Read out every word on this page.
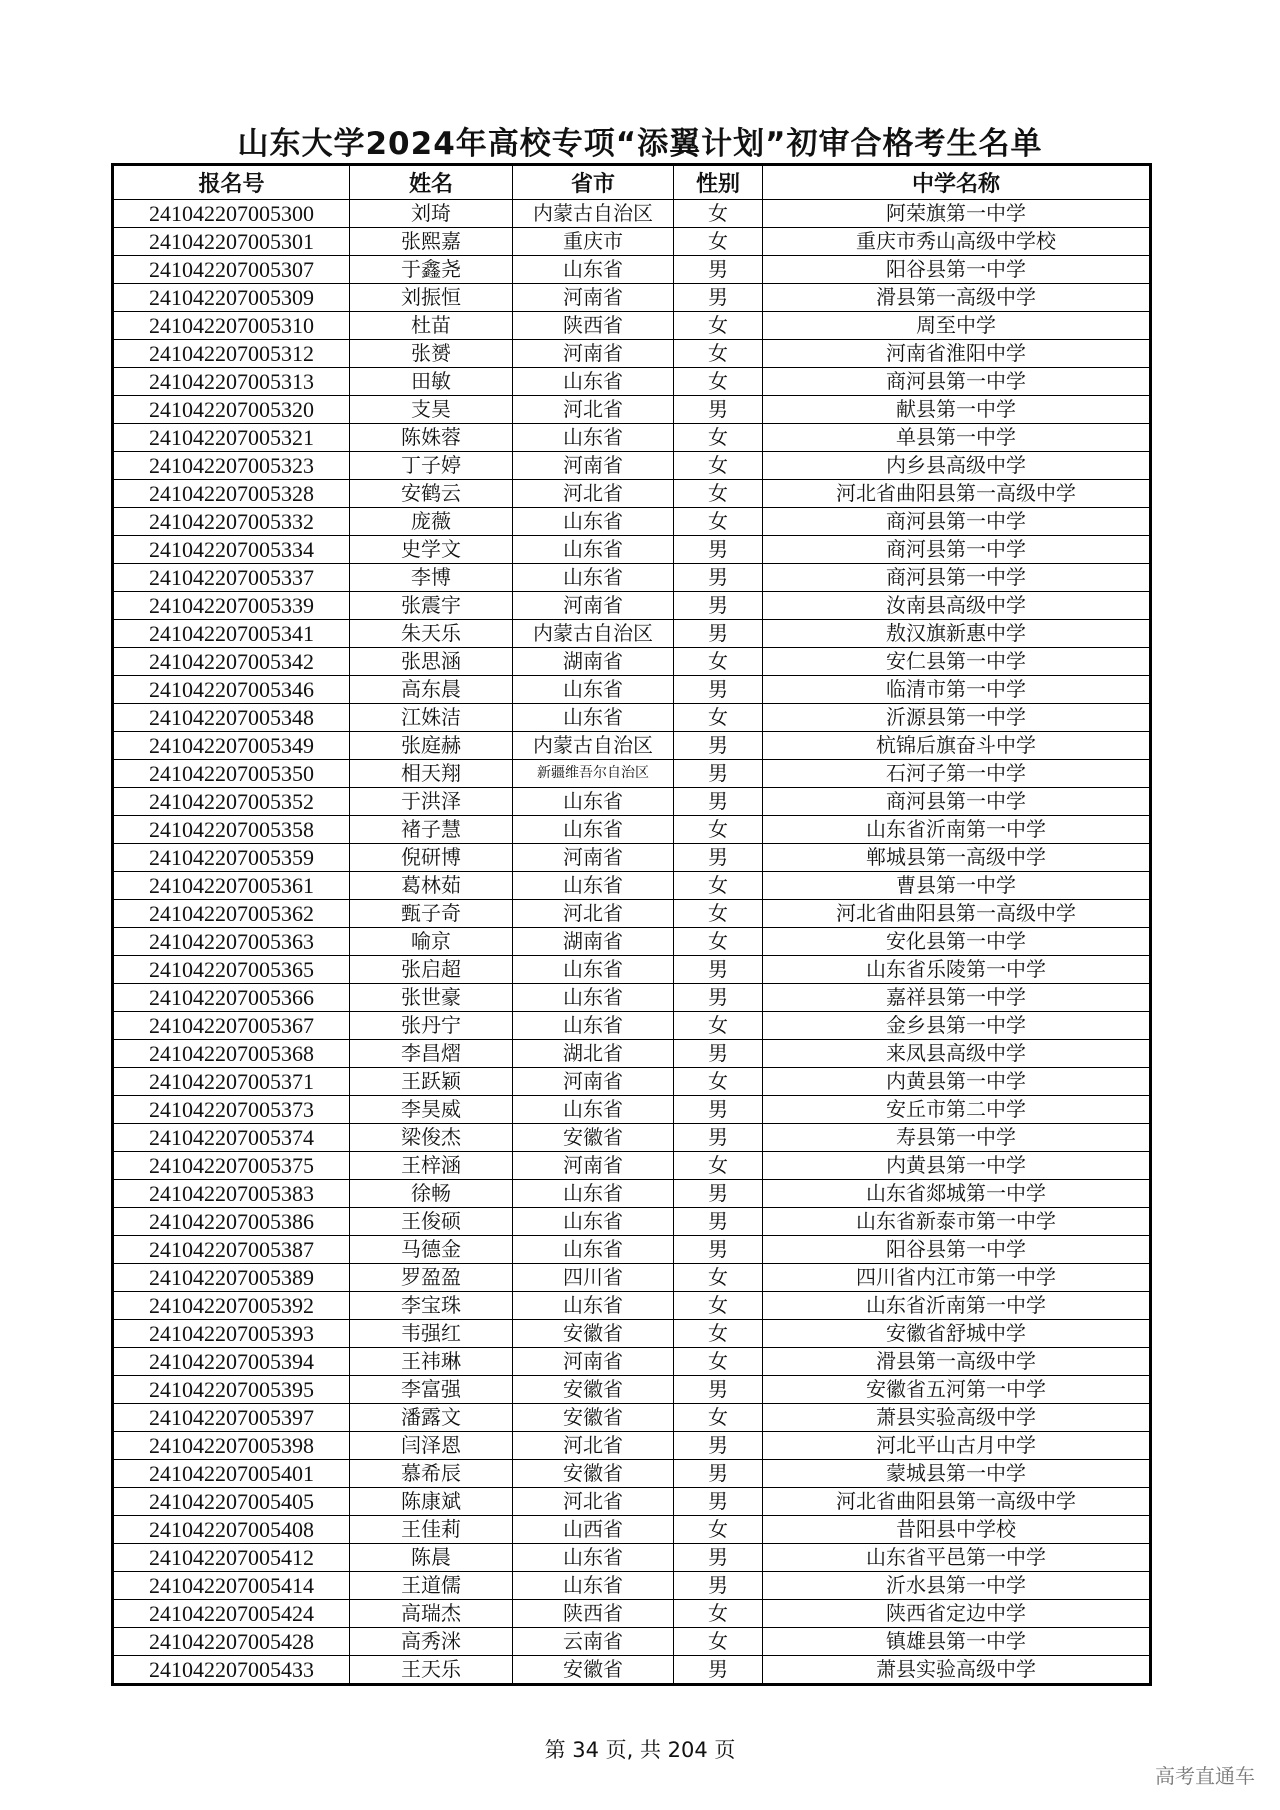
山东大学2024年高校专项“添翼计划”初审合格考生名单
报名号	姓名	省市	性别	中学名称
241042207005300	刘琦	内蒙古自治区	女	阿荣旗第一中学
241042207005301	张熙嘉	重庆市	女	重庆市秀山高级中学校
241042207005307	于鑫尧	山东省	男	阳谷县第一中学
241042207005309	刘振恒	河南省	男	滑县第一高级中学
241042207005310	杜苗	陕西省	女	周至中学
241042207005312	张赟	河南省	女	河南省淮阳中学
241042207005313	田敏	山东省	女	商河县第一中学
241042207005320	支昊	河北省	男	献县第一中学
241042207005321	陈姝蓉	山东省	女	单县第一中学
241042207005323	丁子婷	河南省	女	内乡县高级中学
241042207005328	安鹤云	河北省	女	河北省曲阳县第一高级中学
241042207005332	庞薇	山东省	女	商河县第一中学
241042207005334	史学文	山东省	男	商河县第一中学
241042207005337	李博	山东省	男	商河县第一中学
241042207005339	张震宇	河南省	男	汝南县高级中学
241042207005341	朱天乐	内蒙古自治区	男	敖汉旗新惠中学
241042207005342	张思涵	湖南省	女	安仁县第一中学
241042207005346	高东晨	山东省	男	临清市第一中学
241042207005348	江姝洁	山东省	女	沂源县第一中学
241042207005349	张庭赫	内蒙古自治区	男	杭锦后旗奋斗中学
241042207005350	相天翔	新疆维吾尔自治区	男	石河子第一中学
241042207005352	于洪泽	山东省	男	商河县第一中学
241042207005358	褚子慧	山东省	女	山东省沂南第一中学
241042207005359	倪研博	河南省	男	郸城县第一高级中学
241042207005361	葛林茹	山东省	女	曹县第一中学
241042207005362	甄子奇	河北省	女	河北省曲阳县第一高级中学
241042207005363	喻京	湖南省	女	安化县第一中学
241042207005365	张启超	山东省	男	山东省乐陵第一中学
241042207005366	张世豪	山东省	男	嘉祥县第一中学
241042207005367	张丹宁	山东省	女	金乡县第一中学
241042207005368	李昌熠	湖北省	男	来凤县高级中学
241042207005371	王跃颖	河南省	女	内黄县第一中学
241042207005373	李昊威	山东省	男	安丘市第二中学
241042207005374	梁俊杰	安徽省	男	寿县第一中学
241042207005375	王梓涵	河南省	女	内黄县第一中学
241042207005383	徐畅	山东省	男	山东省郯城第一中学
241042207005386	王俊硕	山东省	男	山东省新泰市第一中学
241042207005387	马德金	山东省	男	阳谷县第一中学
241042207005389	罗盈盈	四川省	女	四川省内江市第一中学
241042207005392	李宝珠	山东省	女	山东省沂南第一中学
241042207005393	韦强红	安徽省	女	安徽省舒城中学
241042207005394	王祎琳	河南省	女	滑县第一高级中学
241042207005395	李富强	安徽省	男	安徽省五河第一中学
241042207005397	潘露文	安徽省	女	萧县实验高级中学
241042207005398	闫泽恩	河北省	男	河北平山古月中学
241042207005401	慕希辰	安徽省	男	蒙城县第一中学
241042207005405	陈康斌	河北省	男	河北省曲阳县第一高级中学
241042207005408	王佳莉	山西省	女	昔阳县中学校
241042207005412	陈晨	山东省	男	山东省平邑第一中学
241042207005414	王道儒	山东省	男	沂水县第一中学
241042207005424	高瑞杰	陕西省	女	陕西省定边中学
241042207005428	高秀洣	云南省	女	镇雄县第一中学
241042207005433	王天乐	安徽省	男	萧县实验高级中学
第 34 页, 共 204 页
高考直通车
